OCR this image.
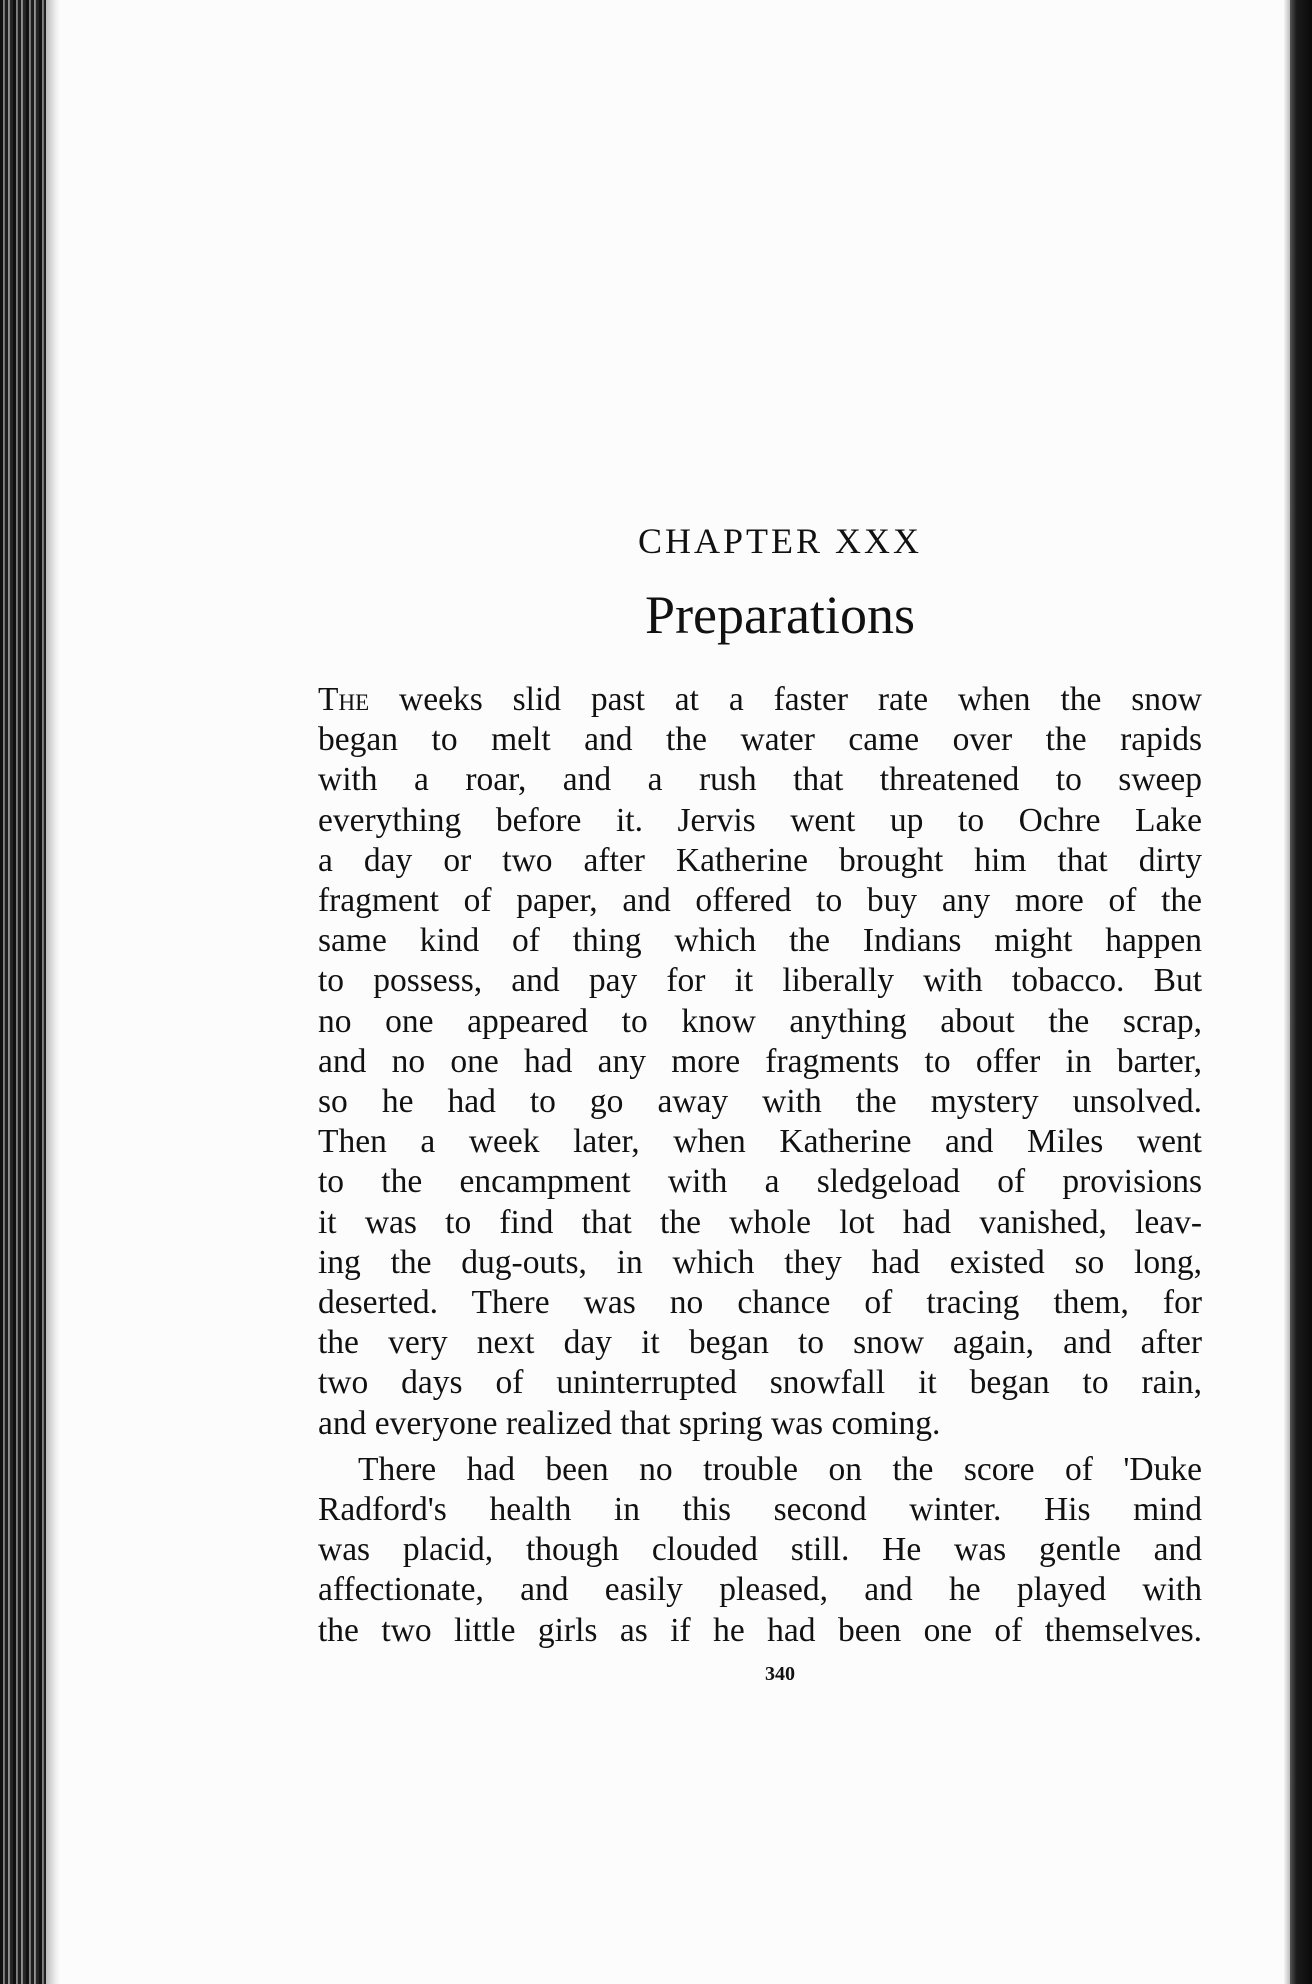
CHAPTER XXX
Preparations
The weeks slid past at a faster rate when the snow
began to melt and the water came over the rapids
with a roar, and a rush that threatened to sweep
everything before it. Jervis went up to Ochre Lake
a day or two after Katherine brought him that dirty
fragment of paper, and offered to buy any more of the
same kind of thing which the Indians might happen
to possess, and pay for it liberally with tobacco. But
no one appeared to know anything about the scrap,
and no one had any more fragments to offer in barter,
so he had to go away with the mystery unsolved.
Then a week later, when Katherine and Miles went
to the encampment with a sledgeload of provisions
it was to find that the whole lot had vanished, leav-
ing the dug-outs, in which they had existed so long,
deserted. There was no chance of tracing them, for
the very next day it began to snow again, and after
two days of uninterrupted snowfall it began to rain,
and everyone realized that spring was coming.
There had been no trouble on the score of 'Duke
Radford's health in this second winter. His mind
was placid, though clouded still. He was gentle and
affectionate, and easily pleased, and he played with
the two little girls as if he had been one of themselves.
340
